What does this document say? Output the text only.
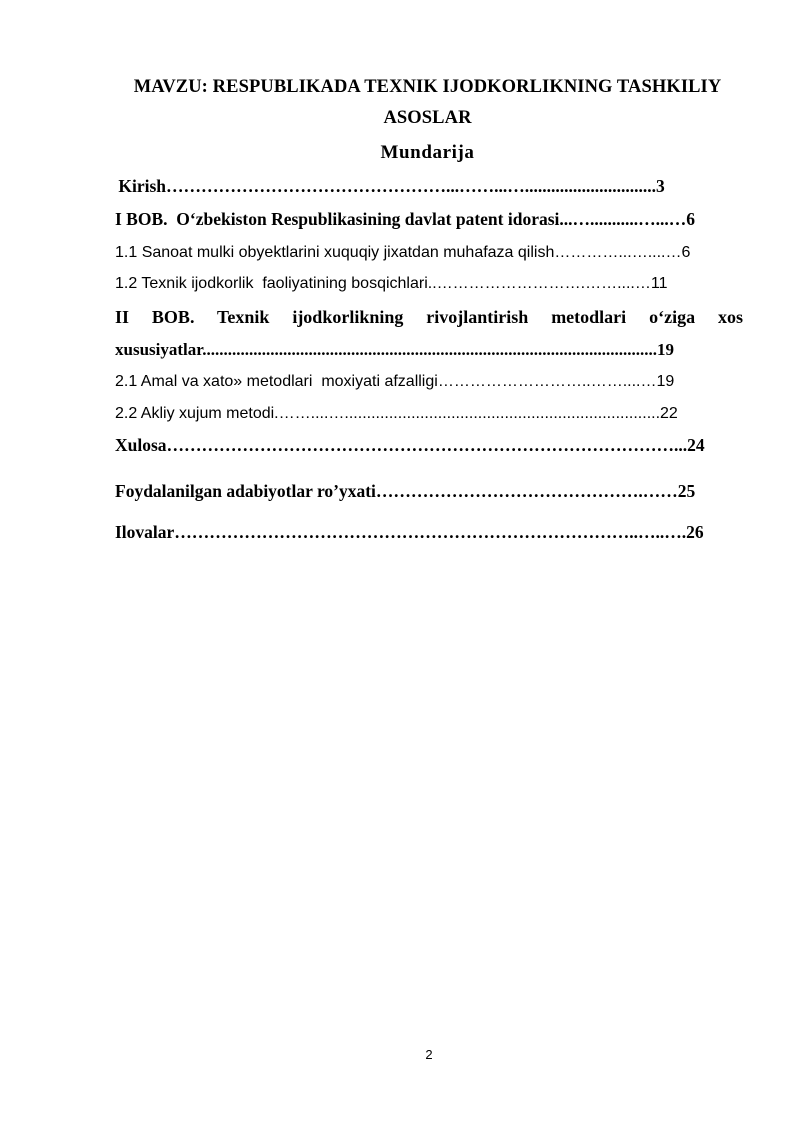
MAVZU: RESPUBLIKADA TEXNIK IJODKORLIKNING TASHKILIY
ASOSLAR
Mundarija
Kirish…………………………………………...……...…..............................3
I BOB.  O‘zbekiston Respublikasining davlat patent idorasi...…...........…...…6
1.1 Sanoat mulki obyektlarini xuquqiy jixatdan muhafaza qilish…………...…....…6
1.2 Texnik ijodkorlik  faoliyatining bosqichlari..……………………….……....…11
II BOB. Texnik ijodkorlikning rivojlantirish metodlari o‘ziga xos
xususiyatlar...........................................................................................................19
2.1 Amal va xato» metodlari  moxiyati afzalligi………………………..……....…19
2.2 Akliy xujum metodi.……....….......................................................................22
Xulosa……………………………………………………………………………...24
Foydalanilgan adabiyotlar ro’yxati……………………………………….……25
Ilovalar……………………………………………………………………..…..….26
2
